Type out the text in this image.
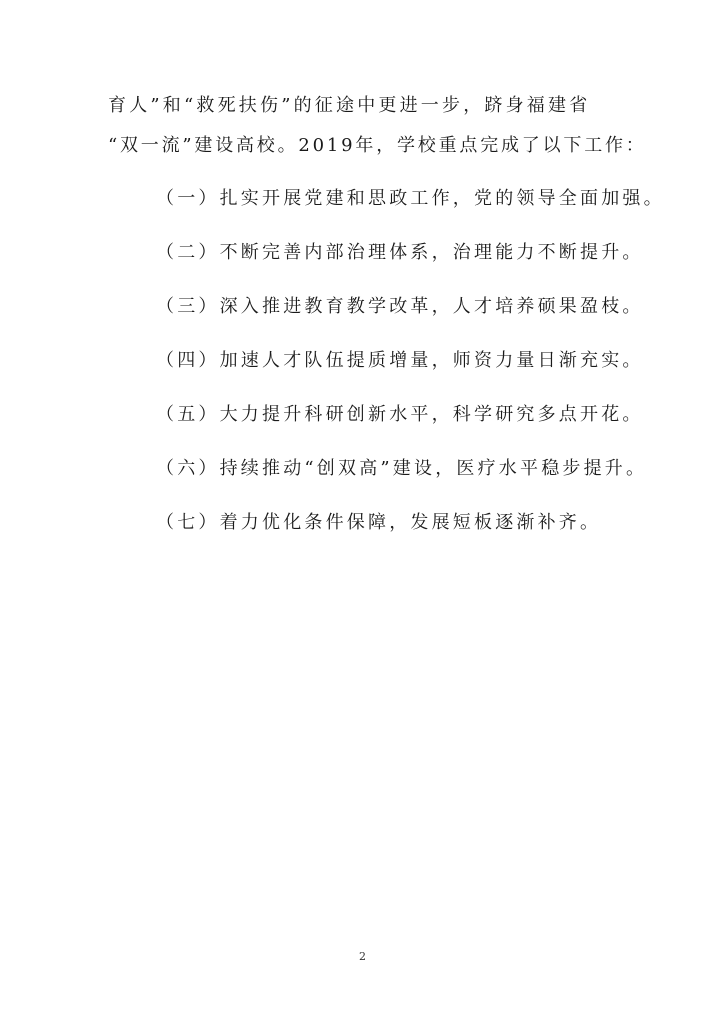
育人”和“救死扶伤”的征途中更进一步，跻身福建省
“双一流”建设高校。2019年，学校重点完成了以下工作：
（一）扎实开展党建和思政工作，党的领导全面加强。
（二）不断完善内部治理体系，治理能力不断提升。
（三）深入推进教育教学改革，人才培养硕果盈枝。
（四）加速人才队伍提质增量，师资力量日渐充实。
（五）大力提升科研创新水平，科学研究多点开花。
（六）持续推动“创双高”建设，医疗水平稳步提升。
（七）着力优化条件保障，发展短板逐渐补齐。
2
